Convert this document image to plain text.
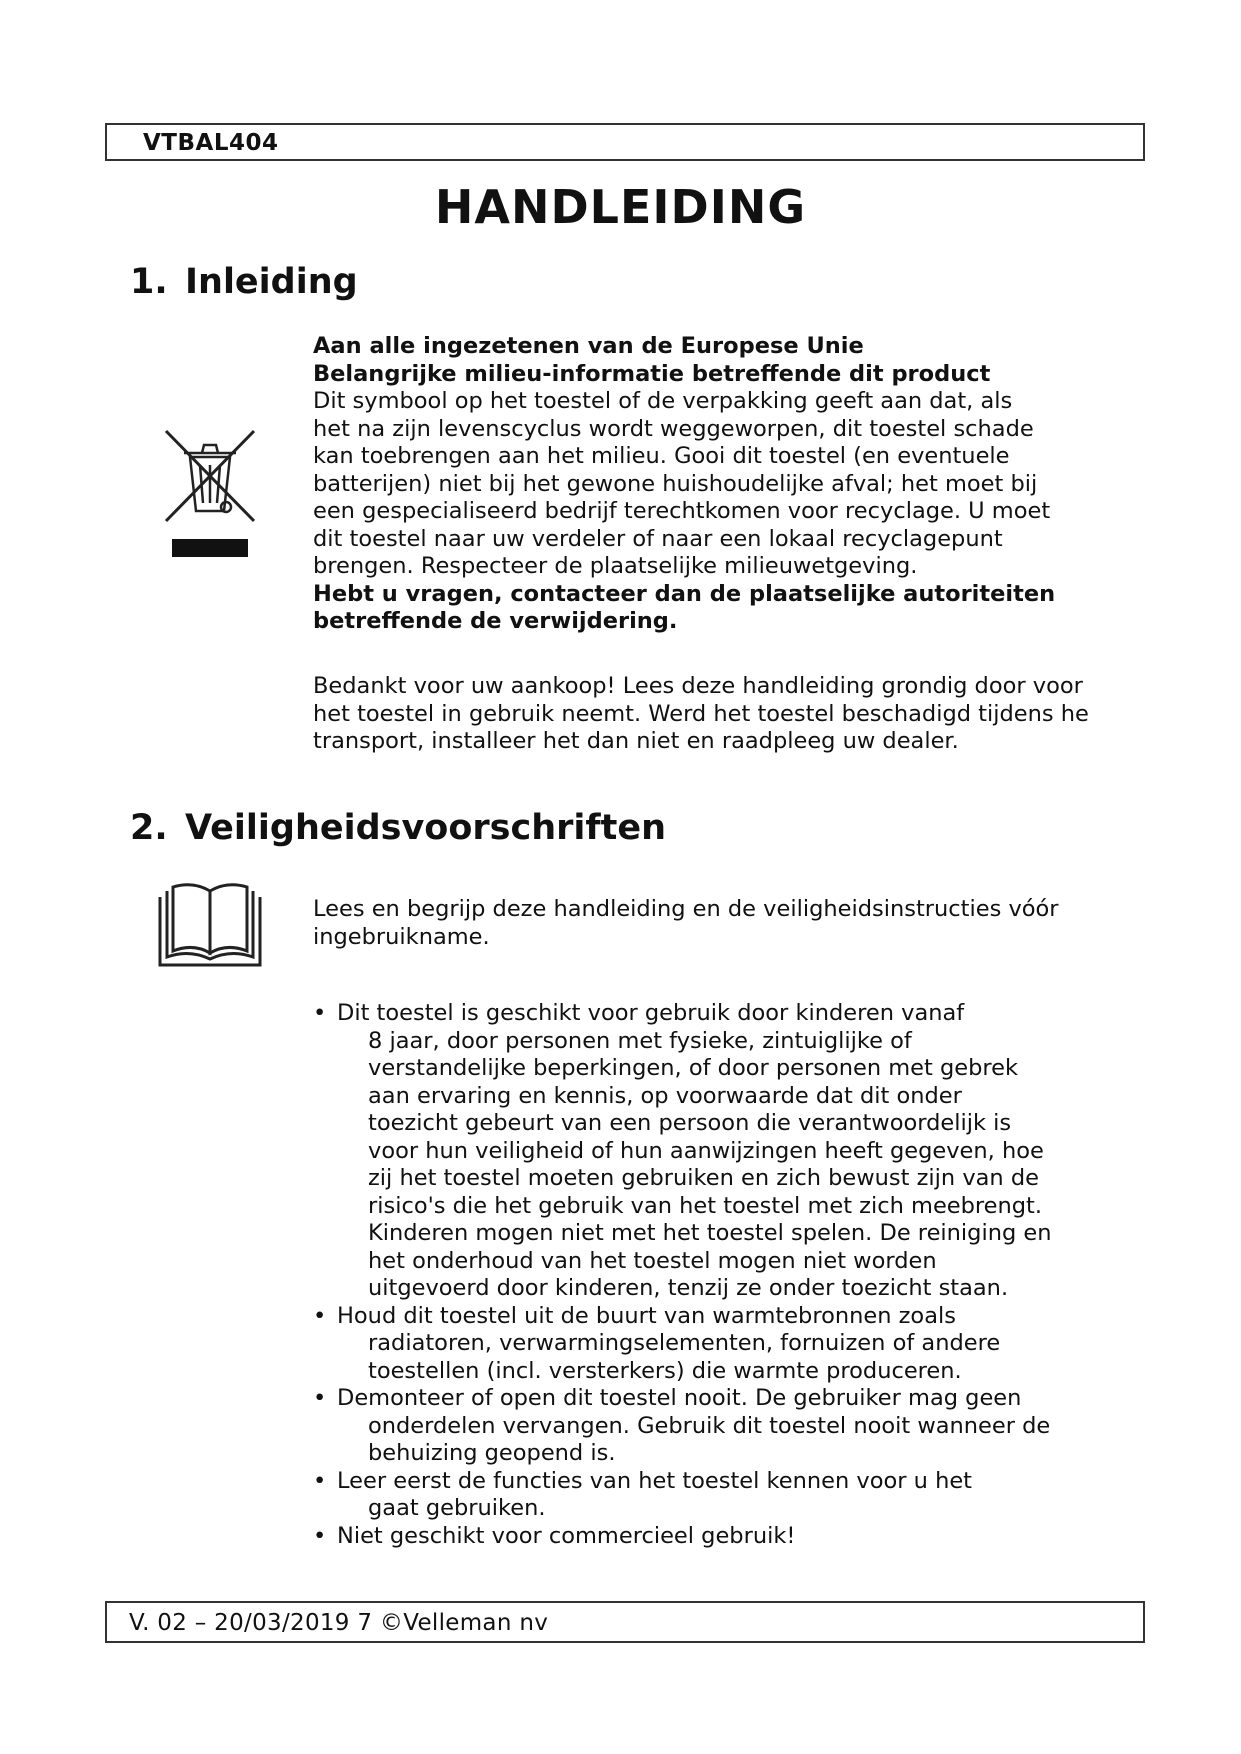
VTBAL404
HANDLEIDING
1. Inleiding
Aan alle ingezetenen van de Europese Unie
Belangrijke milieu-informatie betreffende dit product
Dit symbool op het toestel of de verpakking geeft aan dat, als
het na zijn levenscyclus wordt weggeworpen, dit toestel schade
kan toebrengen aan het milieu. Gooi dit toestel (en eventuele
batterijen) niet bij het gewone huishoudelijke afval; het moet bij
een gespecialiseerd bedrijf terechtkomen voor recyclage. U moet
dit toestel naar uw verdeler of naar een lokaal recyclagepunt
brengen. Respecteer de plaatselijke milieuwetgeving.
Hebt u vragen, contacteer dan de plaatselijke autoriteiten
betreffende de verwijdering.
Bedankt voor uw aankoop! Lees deze handleiding grondig door voor
het toestel in gebruik neemt. Werd het toestel beschadigd tijdens he
transport, installeer het dan niet en raadpleeg uw dealer.
2. Veiligheidsvoorschriften
Lees en begrijp deze handleiding en de veiligheidsinstructies vóór
ingebruikname.
• Dit toestel is geschikt voor gebruik door kinderen vanaf
8 jaar, door personen met fysieke, zintuiglijke of
verstandelijke beperkingen, of door personen met gebrek
aan ervaring en kennis, op voorwaarde dat dit onder
toezicht gebeurt van een persoon die verantwoordelijk is
voor hun veiligheid of hun aanwijzingen heeft gegeven, hoe
zij het toestel moeten gebruiken en zich bewust zijn van de
risico's die het gebruik van het toestel met zich meebrengt.
Kinderen mogen niet met het toestel spelen. De reiniging en
het onderhoud van het toestel mogen niet worden
uitgevoerd door kinderen, tenzij ze onder toezicht staan.
• Houd dit toestel uit de buurt van warmtebronnen zoals
radiatoren, verwarmingselementen, fornuizen of andere
toestellen (incl. versterkers) die warmte produceren.
• Demonteer of open dit toestel nooit. De gebruiker mag geen
onderdelen vervangen. Gebruik dit toestel nooit wanneer de
behuizing geopend is.
• Leer eerst de functies van het toestel kennen voor u het
gaat gebruiken.
• Niet geschikt voor commercieel gebruik!
V. 02 – 20/03/2019 7 ©Velleman nv
